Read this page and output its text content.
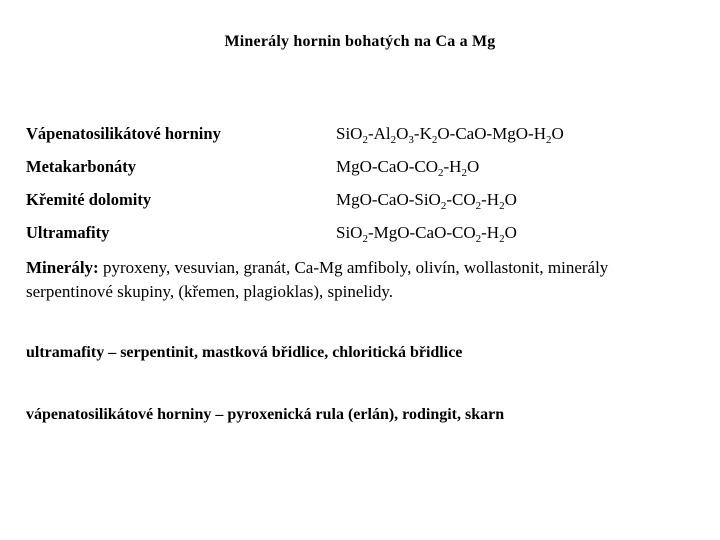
Minerály hornin bohatých na Ca a Mg
Vápenatosilikátové horniny	$SiO_2-Al_2O_3-K_2O-CaO-MgO-H_2O$
Metakarbonáty	MgO-$CaO-CO_2-H_2O$
Křemité dolomity	MgO-$CaO-SiO_2-CO_2-H_2O$
Ultramafity	$SiO_2-MgO-CaO-CO_2-H_2O$
Minerály: pyroxeny, vesuvian, granát, Ca-Mg amfiboly, olivín, wollastonit, minerály serpentinové skupiny, (křemen, plagioklas), spinelidy.
ultramafity – serpentinit, mastková břidlice, chloritická břidlice
vápenatosilikátové horniny – pyroxenická rula (erlán), rodingit, skarn
